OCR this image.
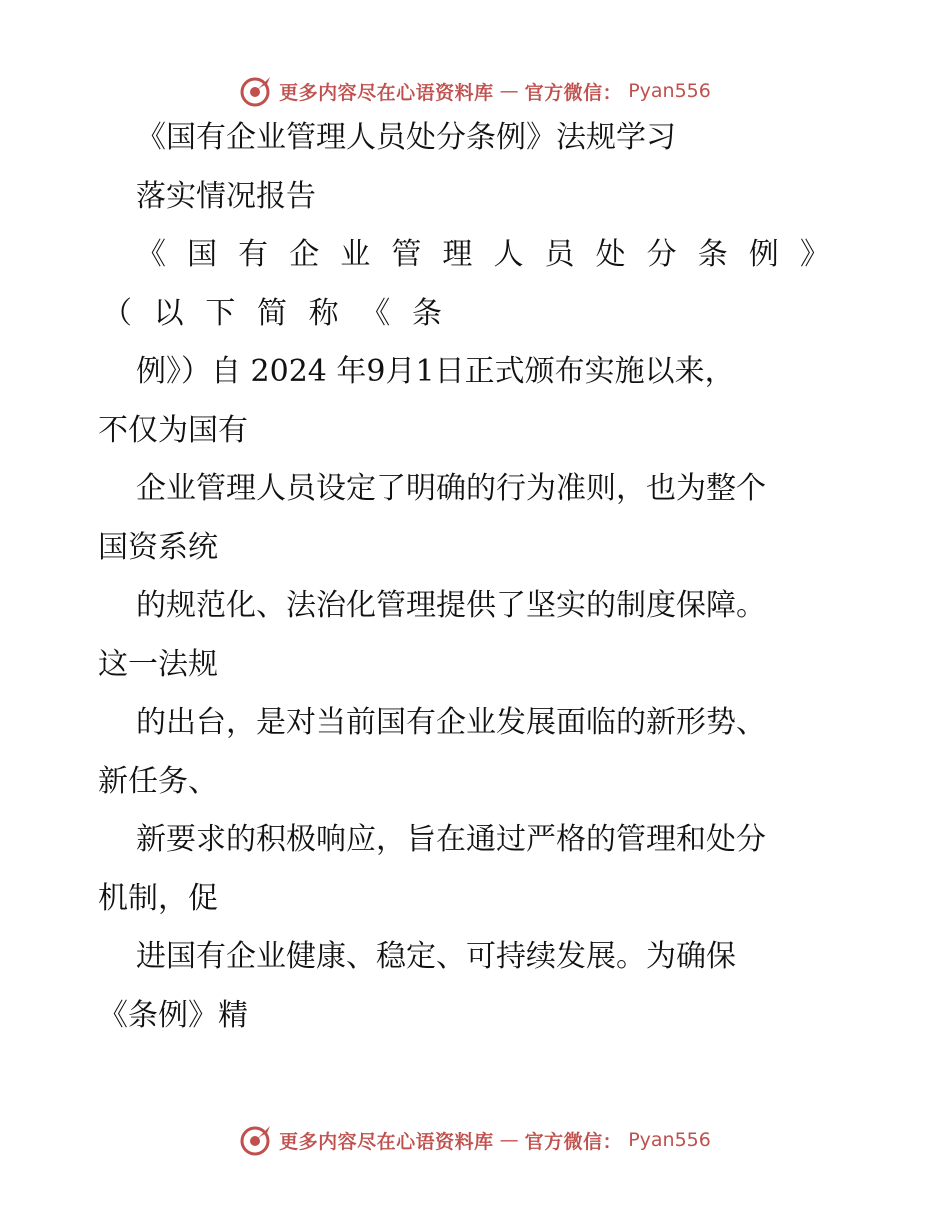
更多内容尽在心语资料库 — 官方微信： Pyan556
《国有企业管理人员处分条例》法规学习
落实情况报告
《 国 有 企 业 管 理 人 员 处 分 条 例 》
（ 以 下 简 称 《 条
例》）自 2024 年9月1日正式颁布实施以来，
不仅为国有
企业管理人员设定了明确的行为准则，也为整个
国资系统
的规范化、法治化管理提供了坚实的制度保障。
这一法规
的出台，是对当前国有企业发展面临的新形势、
新任务、
新要求的积极响应，旨在通过严格的管理和处分
机制，促
进国有企业健康、稳定、可持续发展。为确保
《条例》精
更多内容尽在心语资料库 — 官方微信： Pyan556
